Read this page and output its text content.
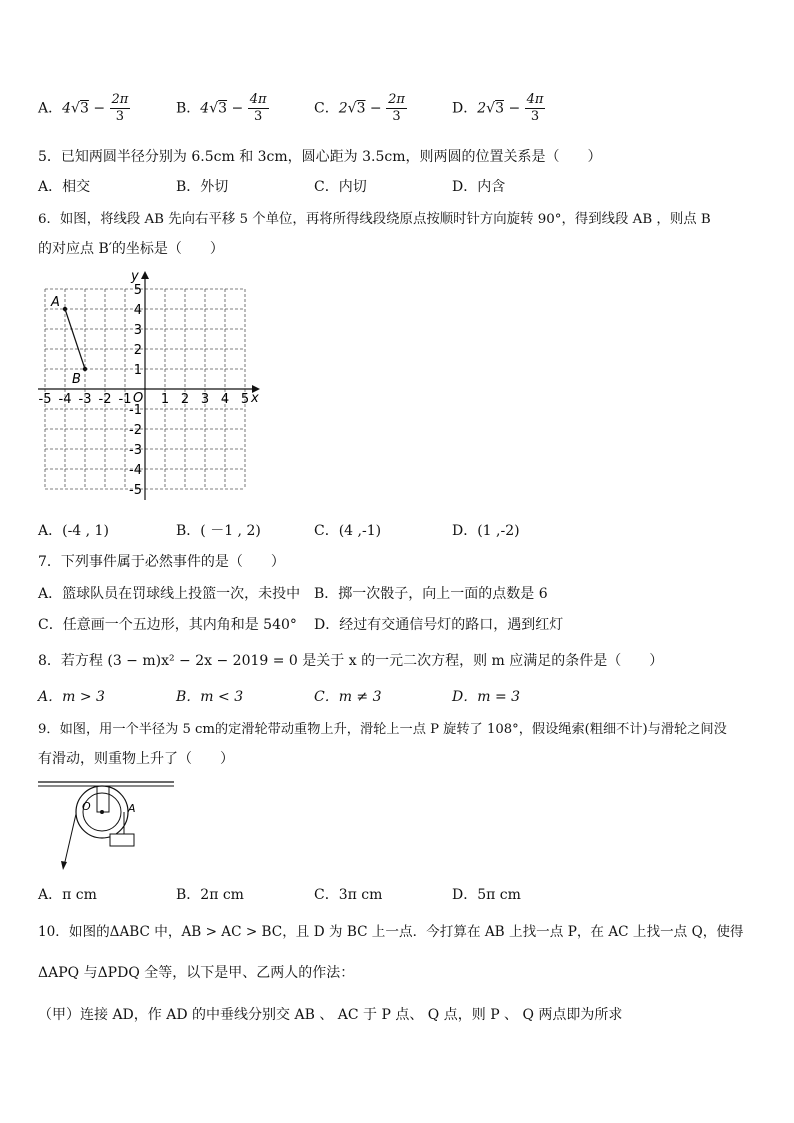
A．$4√3 - \frac{2\pi}{3}$	B．$4√3 - \frac{4\pi}{3}$	C．$2√3 - \frac{2\pi}{3}$	D．$2√3 - \frac{4\pi}{3}$
5．已知两圆半径分别为 6.5cm 和 3cm，圆心距为 3.5cm，则两圆的位置关系是（　　）
A．相交	B．外切	C．内切	D．内含
6．如图，将线段 AB 先向右平移 5 个单位，再将所得线段绕原点按顺时针方向旋转 90°，得到线段 AB ，则点 B
的对应点 B′的坐标是（　　）
x
y
O
-5 -4 -3 -2 -1 1 2 3 4 5
5
4
3
2
1
-1
-2
-3
-4
-5
A
B
A．(-4 , 1)	B．( －1 , 2)	C．(4 ,-1)	D．(1 ,-2)
7．下列事件属于必然事件的是（　　）
A．篮球队员在罚球线上投篮一次，未投中 B．掷一次骰子，向上一面的点数是 6
C．任意画一个五边形，其内角和是 540° D．经过有交通信号灯的路口，遇到红灯
8．若方程 (3 − m)x² − 2x − 2019 = 0 是关于 x 的一元二次方程，则 m 应满足的条件是（　　）
A．m > 3	B．m < 3	C．m ≠ 3	D．m = 3
9．如图，用一个半径为 5 cm的定滑轮带动重物上升，滑轮上一点 P 旋转了 108°，假设绳索(粗细不计)与滑轮之间没
有滑动，则重物上升了（　　）
O	A
A．π cm	B．2π cm	C．3π cm	D．5π cm
10．如图的ΔABC 中，AB > AC > BC，且 D 为 BC 上一点．今打算在 AB 上找一点 P，在 AC 上找一点 Q，使得
ΔAPQ 与ΔPDQ 全等，以下是甲、乙两人的作法：
（甲）连接 AD，作 AD 的中垂线分别交 AB 、 AC 于 P 点、 Q 点，则 P 、 Q 两点即为所求
